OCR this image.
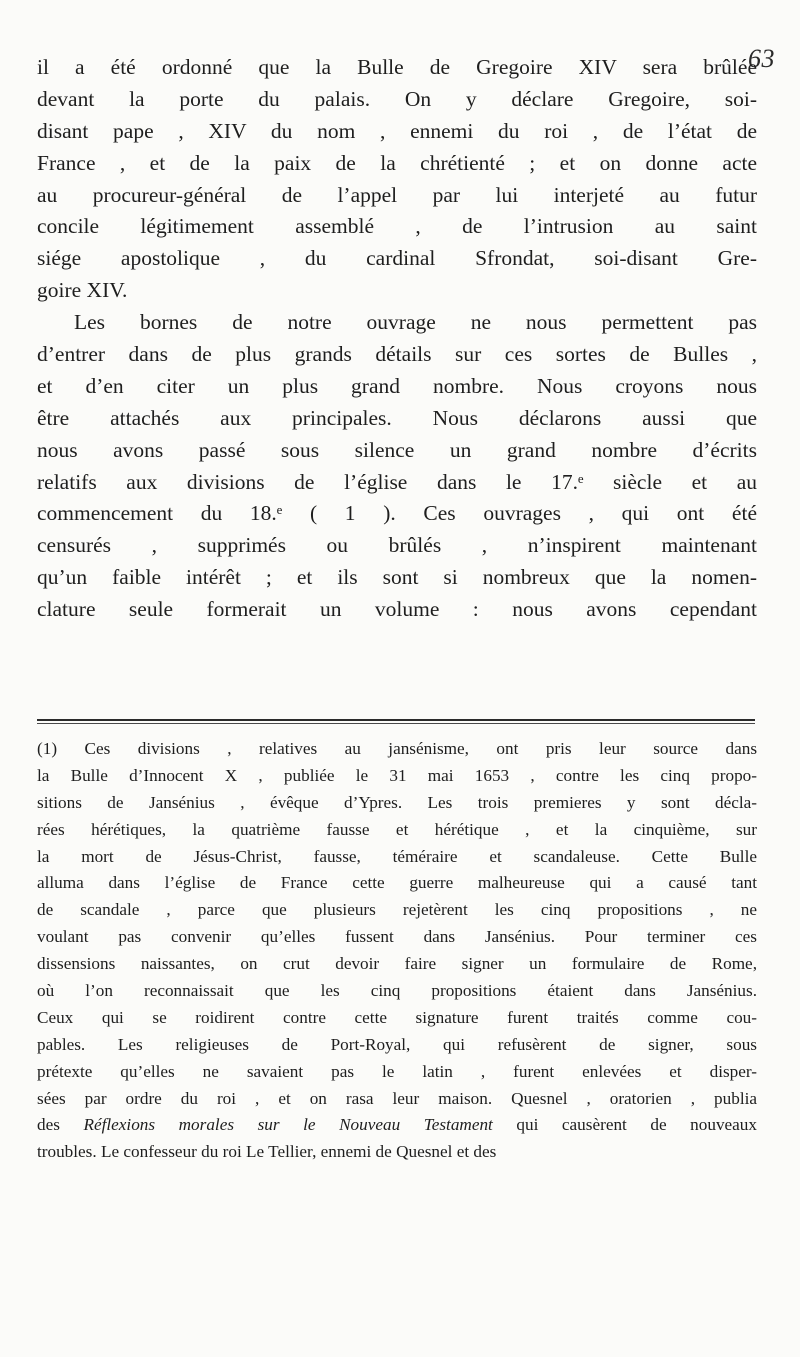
63
il a été ordonné que la Bulle de Gregoire XIV sera brûlée
devant la porte du palais. On y déclare Gregoire, soi-
disant pape , XIV du nom , ennemi du roi , de l’état de
France , et de la paix de la chrétienté ; et on donne acte
au procureur-général de l’appel par lui interjeté au futur
concile légitimement assemblé , de l’intrusion au saint
siége apostolique , du cardinal Sfrondat, soi-disant Gre-
goire XIV.
Les bornes de notre ouvrage ne nous permettent pas
d’entrer dans de plus grands détails sur ces sortes de Bulles ,
et d’en citer un plus grand nombre. Nous croyons nous
être attachés aux principales. Nous déclarons aussi que
nous avons passé sous silence un grand nombre d’écrits
relatifs aux divisions de l’église dans le 17.ᵉ siècle et au
commencement du 18.ᵉ ( 1 ). Ces ouvrages , qui ont été
censurés , supprimés ou brûlés , n’inspirent maintenant
qu’un faible intérêt ; et ils sont si nombreux que la nomen-
clature seule formerait un volume : nous avons cependant
(1) Ces divisions , relatives au jansénisme, ont pris leur source dans
la Bulle d’Innocent X , publiée le 31 mai 1653 , contre les cinq propo-
sitions de Jansénius , évêque d’Ypres. Les trois premieres y sont décla-
rées hérétiques, la quatrième fausse et hérétique , et la cinquième, sur
la mort de Jésus-Christ, fausse, téméraire et scandaleuse. Cette Bulle
alluma dans l’église de France cette guerre malheureuse qui a causé tant
de scandale , parce que plusieurs rejetèrent les cinq propositions , ne
voulant pas convenir qu’elles fussent dans Jansénius. Pour terminer ces
dissensions naissantes, on crut devoir faire signer un formulaire de Rome,
où l’on reconnaissait que les cinq propositions étaient dans Jansénius.
Ceux qui se roidirent contre cette signature furent traités comme cou-
pables. Les religieuses de Port-Royal, qui refusèrent de signer, sous
prétexte qu’elles ne savaient pas le latin , furent enlevées et disper-
sées par ordre du roi , et on rasa leur maison. Quesnel , oratorien , publia
des Réflexions morales sur le Nouveau Testament qui causèrent de nouveaux
troubles. Le confesseur du roi Le Tellier, ennemi de Quesnel et des
